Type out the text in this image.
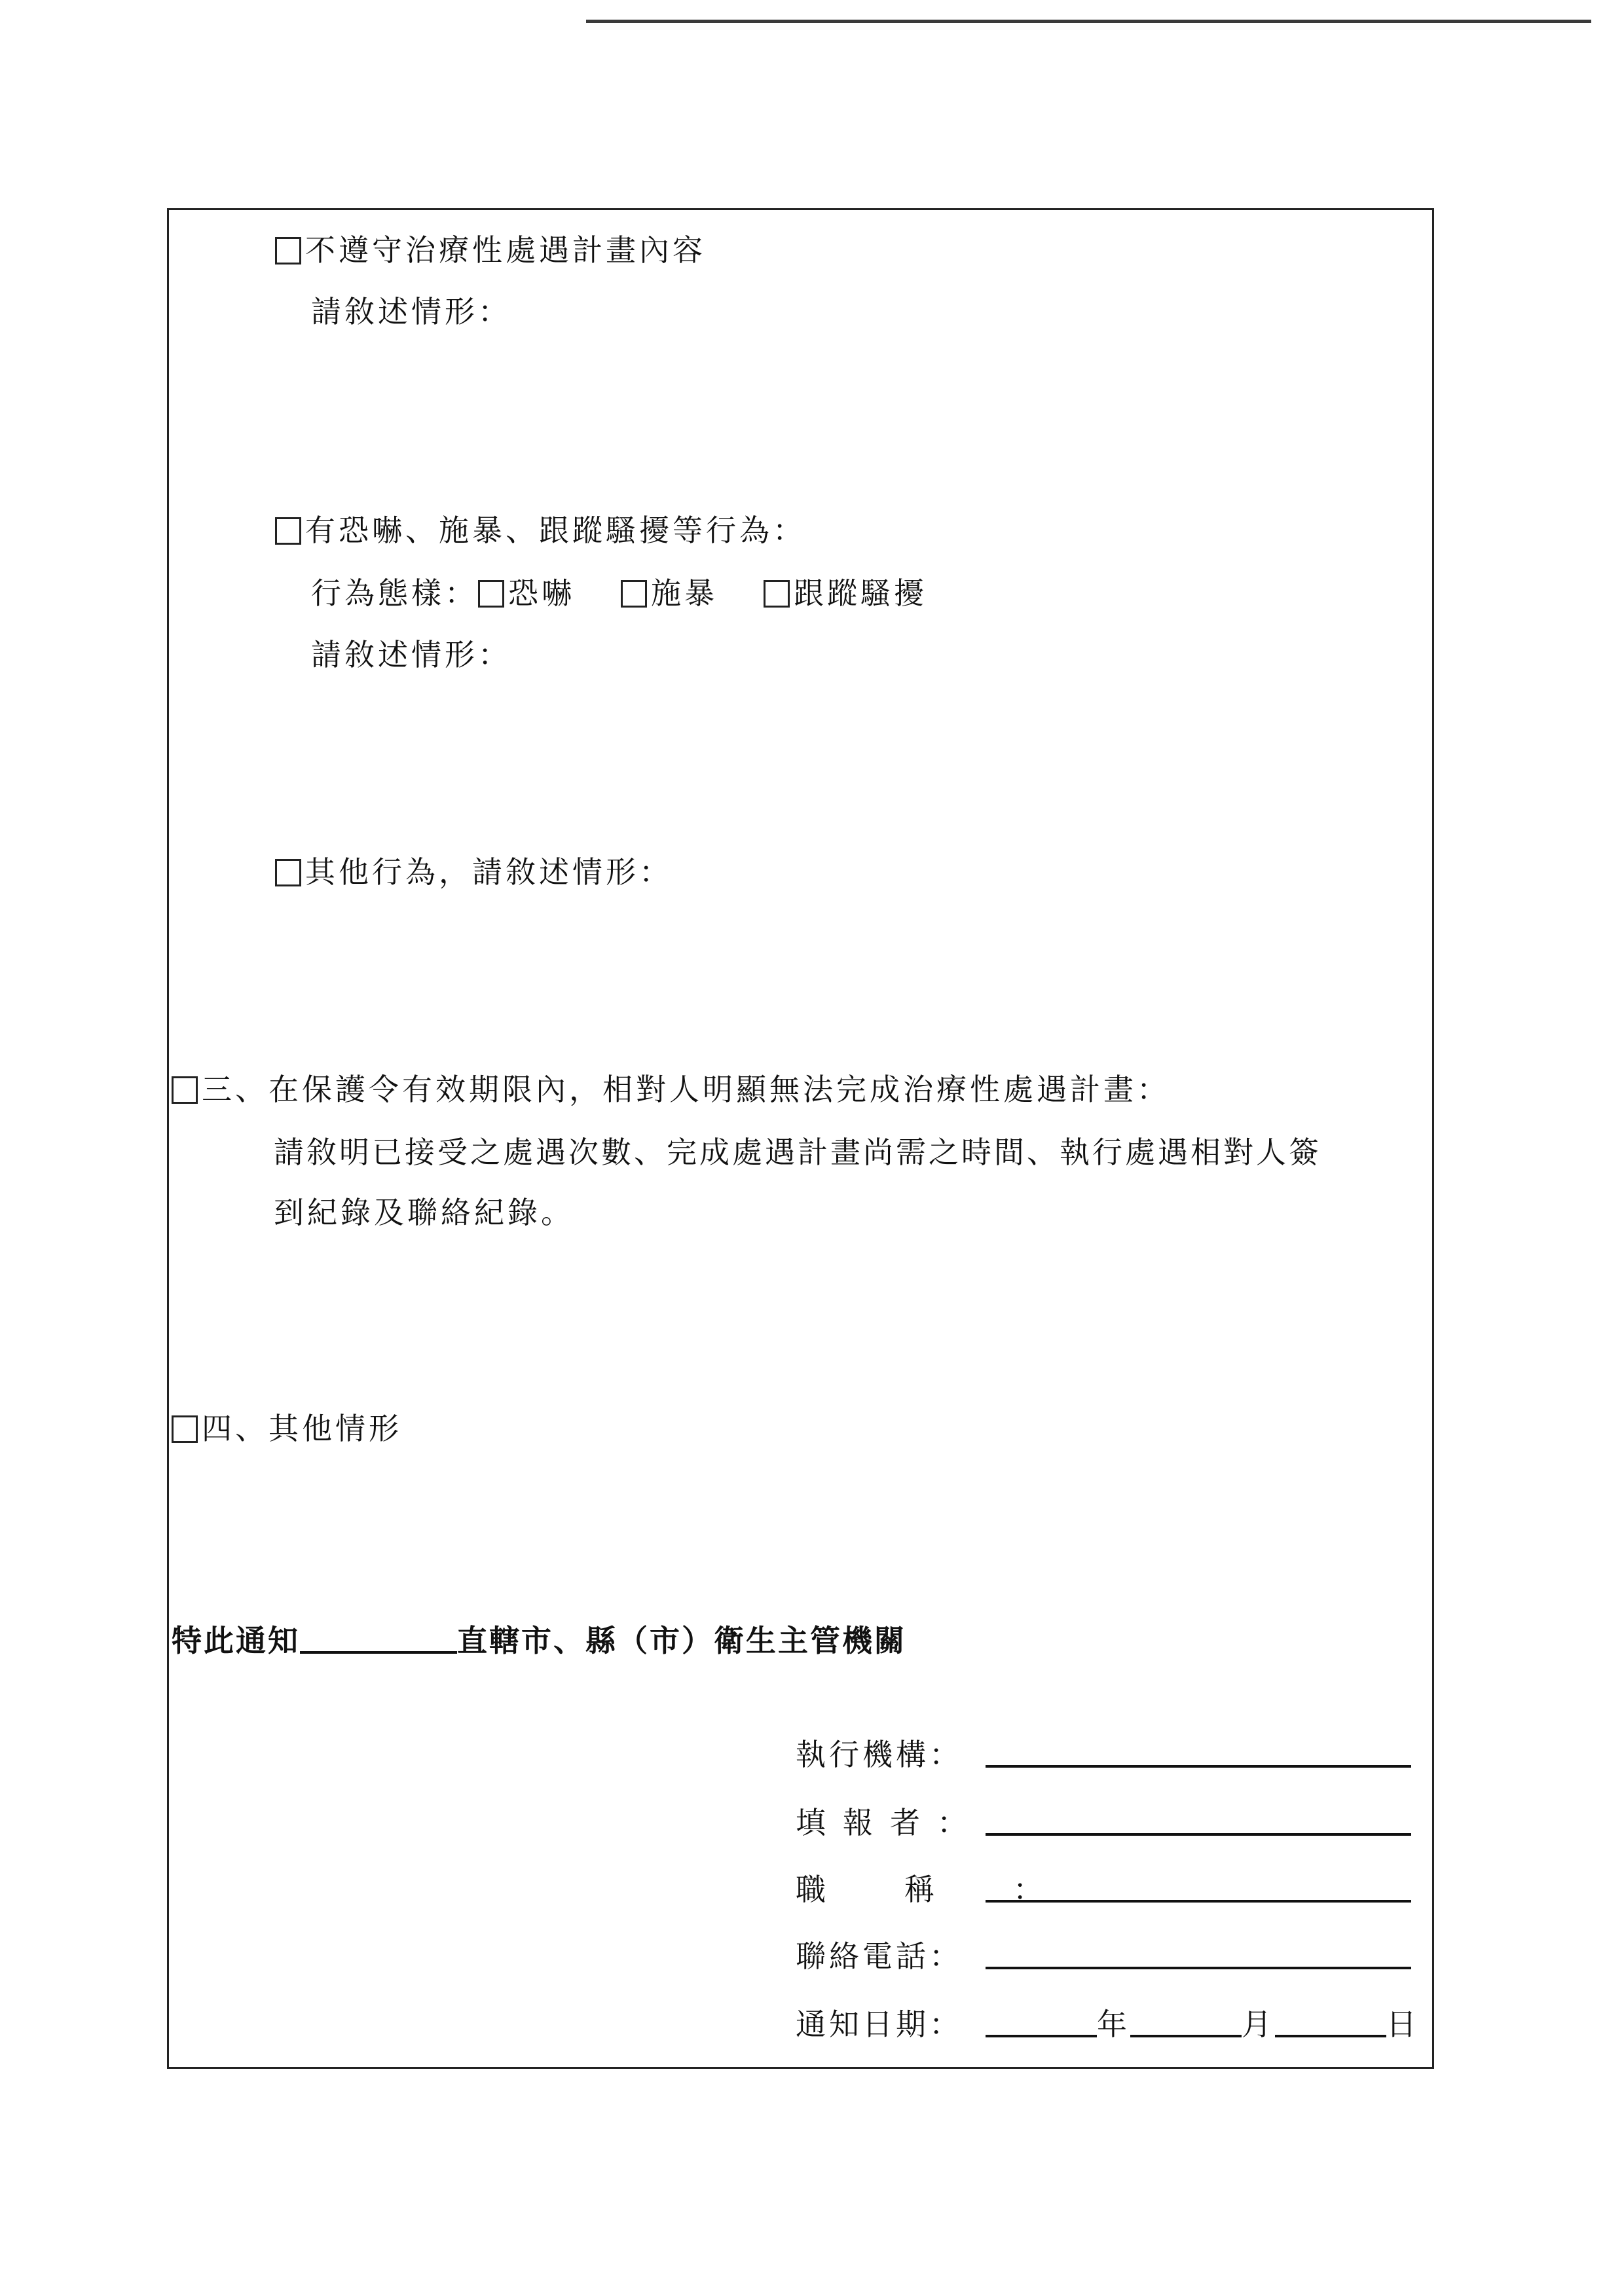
不遵守治療性處遇計畫內容
請敘述情形：
有恐嚇、施暴、跟蹤騷擾等行為：
行為態樣： 恐嚇	施暴	跟蹤騷擾
請敘述情形：
其他行為，請敘述情形：
三、在保護令有效期限內，相對人明顯無法完成治療性處遇計畫：
請敘明已接受之處遇次數、完成處遇計畫尚需之時間、執行處遇相對人簽
到紀錄及聯絡紀錄。
四、其他情形
特此通知	直轄市、縣（市）衛生主管機關
執行機構：
填報者：
職稱：
聯絡電話：
通知日期：	年	月	日
